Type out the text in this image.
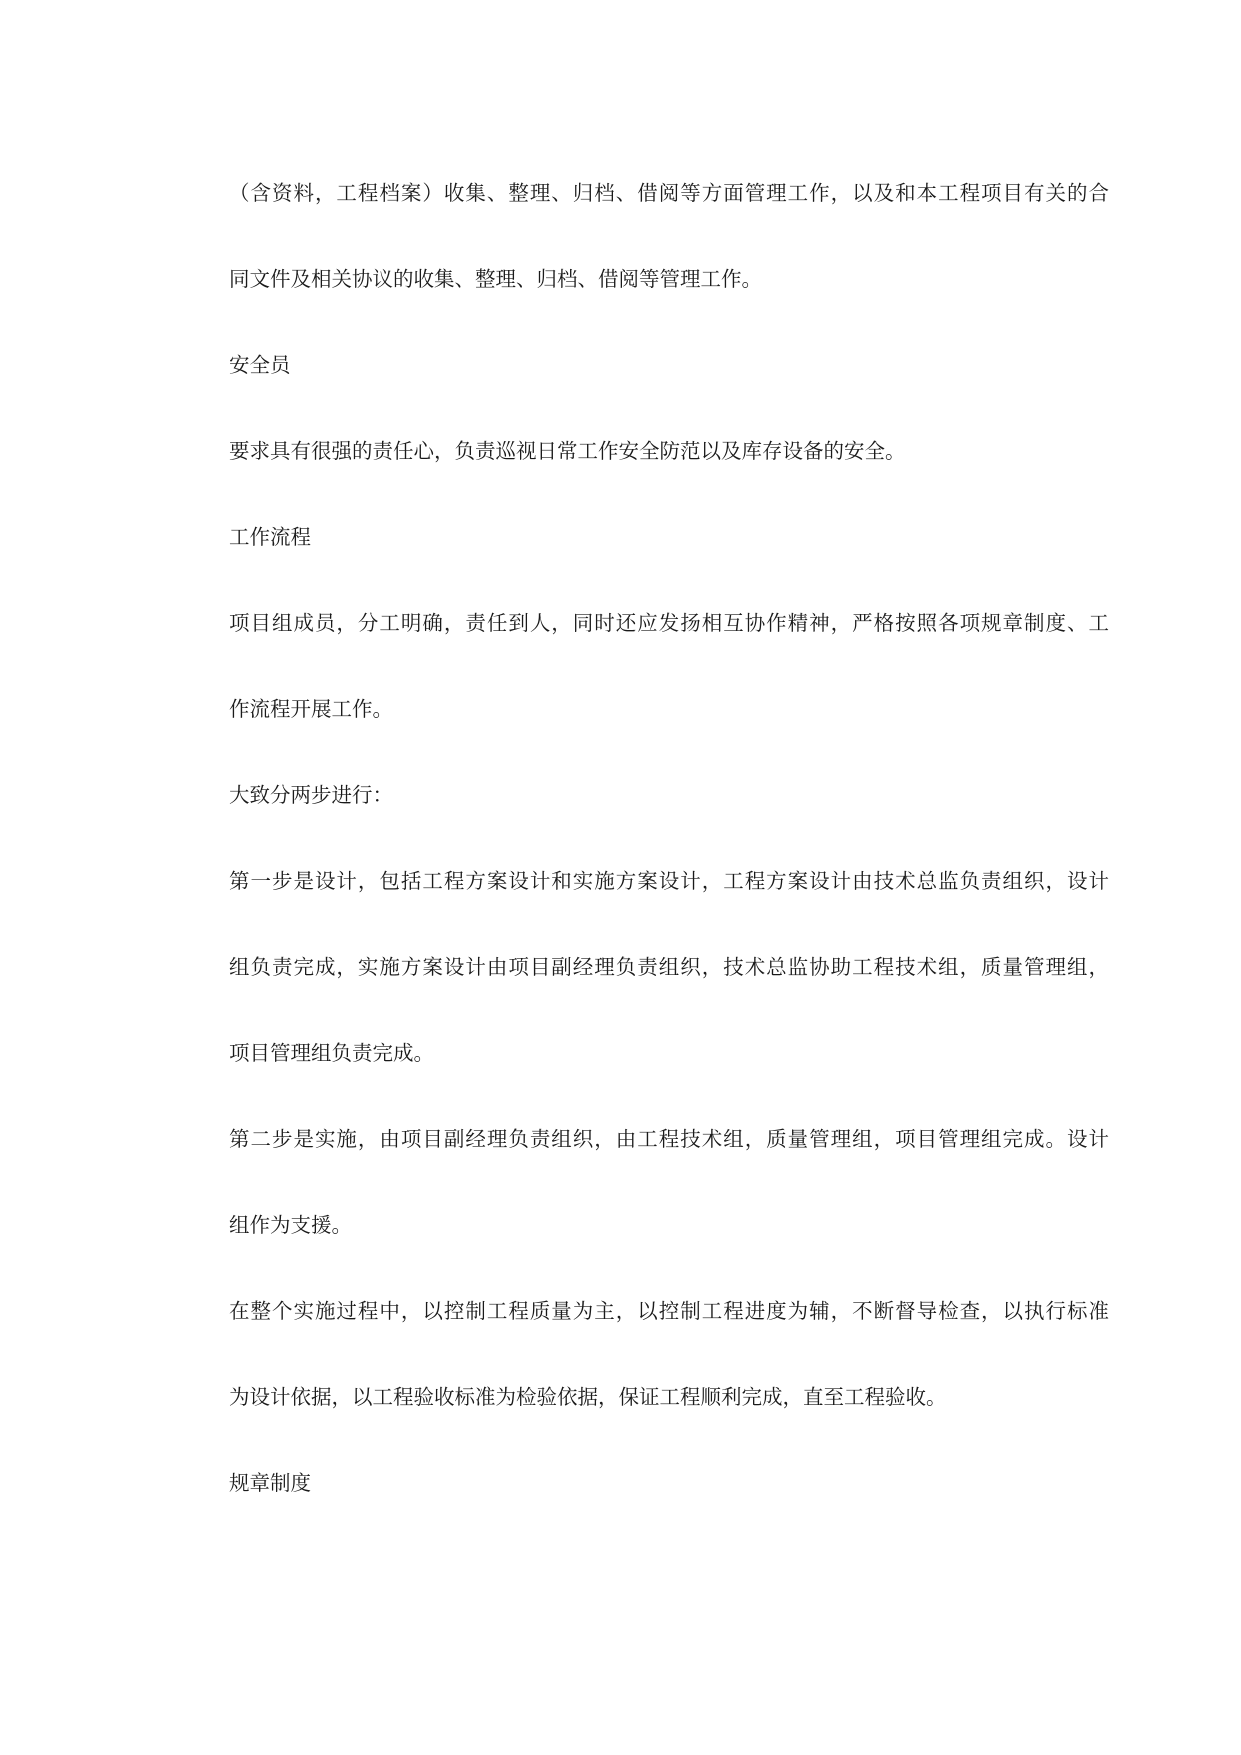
（含资料，工程档案）收集、整理、归档、借阅等方面管理工作，以及和本工程项目有关的合

同文件及相关协议的收集、整理、归档、借阅等管理工作。

安全员

要求具有很强的责任心，负责巡视日常工作安全防范以及库存设备的安全。

工作流程

项目组成员，分工明确，责任到人，同时还应发扬相互协作精神，严格按照各项规章制度、工

作流程开展工作。

大致分两步进行：

第一步是设计，包括工程方案设计和实施方案设计，工程方案设计由技术总监负责组织，设计

组负责完成，实施方案设计由项目副经理负责组织，技术总监协助工程技术组，质量管理组，

项目管理组负责完成。

第二步是实施，由项目副经理负责组织，由工程技术组，质量管理组，项目管理组完成。设计

组作为支援。

在整个实施过程中，以控制工程质量为主，以控制工程进度为辅，不断督导检查，以执行标准

为设计依据，以工程验收标准为检验依据，保证工程顺利完成，直至工程验收。

规章制度
